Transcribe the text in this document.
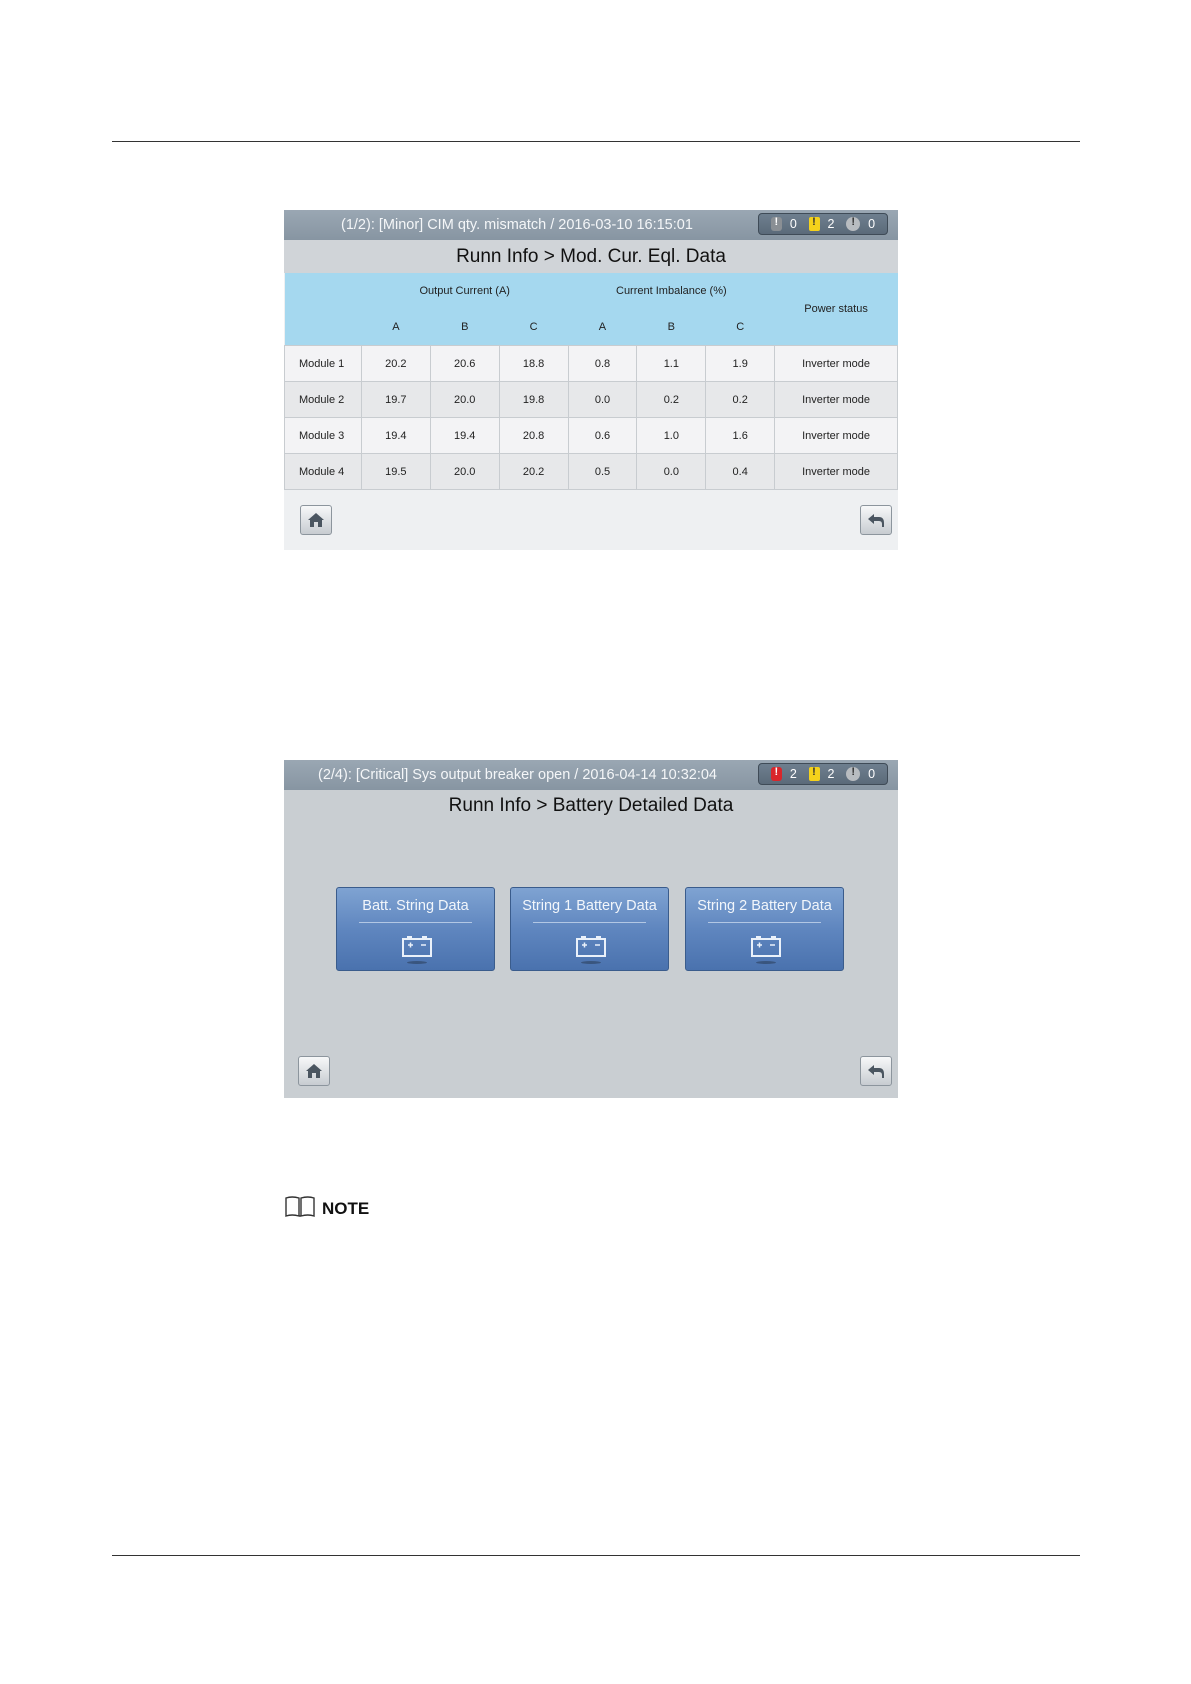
(1/2): [Minor] CIM qty. mismatch / 2016-03-10 16:15:01 !	0 ! 2 !	0
Runn Info > Mod. Cur. Eql. Data
	Output Current (A)			Current Imbalance (%)			Power status
	A	B	C	A	B	C	
Module 1	20.2	20.6	18.8	0.8	1.1	1.9	Inverter mode
Module 2	19.7	20.0	19.8	0.0	0.2	0.2	Inverter mode
Module 3	19.4	19.4	20.8	0.6	1.0	1.6	Inverter mode
Module 4	19.5	20.0	20.2	0.5	0.0	0.4	Inverter mode
(2/4): [Critical] Sys output breaker open / 2016-04-14 10:32:04 !	2 ! 2 !	0
Runn Info > Battery Detailed Data
Batt. String Data	String 1 Battery Data	String 2 Battery Data
NOTE
